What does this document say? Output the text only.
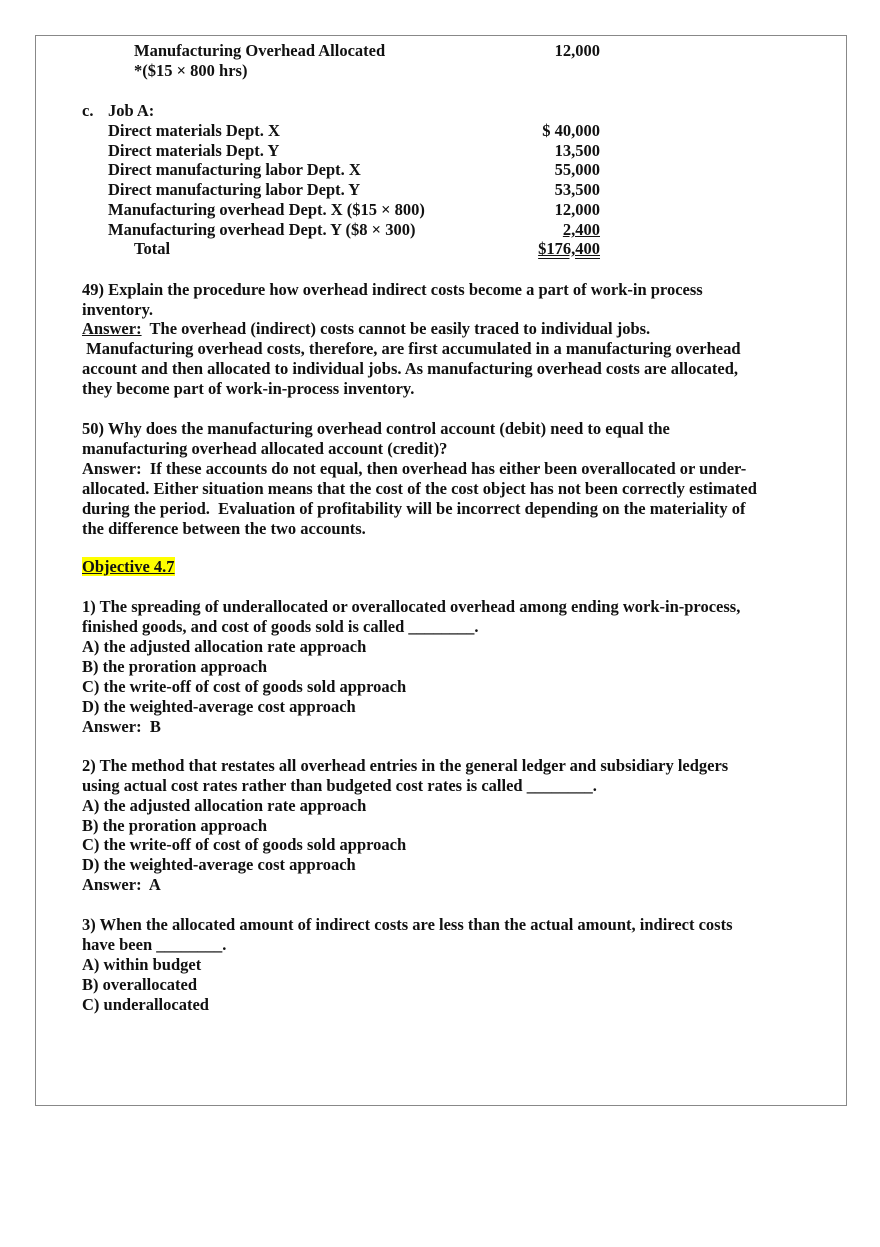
Manufacturing Overhead Allocated	12,000
*($15 × 800 hrs)
c. Job A:
Direct materials Dept. X	$ 40,000
Direct materials Dept. Y	13,500
Direct manufacturing labor Dept. X	55,000
Direct manufacturing labor Dept. Y	53,500
Manufacturing overhead Dept. X ($15 × 800)	12,000
Manufacturing overhead Dept. Y ($8 × 300)	2,400
Total	$176,400
49) Explain the procedure how overhead indirect costs become a part of work-in process
inventory.
Answer:  The overhead (indirect) costs cannot be easily traced to individual jobs.
Manufacturing overhead costs, therefore, are first accumulated in a manufacturing overhead
account and then allocated to individual jobs. As manufacturing overhead costs are allocated,
they become part of work-in-process inventory.
50) Why does the manufacturing overhead control account (debit) need to equal the
manufacturing overhead allocated account (credit)?
Answer:  If these accounts do not equal, then overhead has either been overallocated or under-
allocated. Either situation means that the cost of the cost object has not been correctly estimated
during the period.  Evaluation of profitability will be incorrect depending on the materiality of
the difference between the two accounts.
Objective 4.7
1) The spreading of underallocated or overallocated overhead among ending work-in-process,
finished goods, and cost of goods sold is called ________.
A) the adjusted allocation rate approach
B) the proration approach
C) the write-off of cost of goods sold approach
D) the weighted-average cost approach
Answer:  B
2) The method that restates all overhead entries in the general ledger and subsidiary ledgers
using actual cost rates rather than budgeted cost rates is called ________.
A) the adjusted allocation rate approach
B) the proration approach
C) the write-off of cost of goods sold approach
D) the weighted-average cost approach
Answer:  A
3) When the allocated amount of indirect costs are less than the actual amount, indirect costs
have been ________.
A) within budget
B) overallocated
C) underallocated
